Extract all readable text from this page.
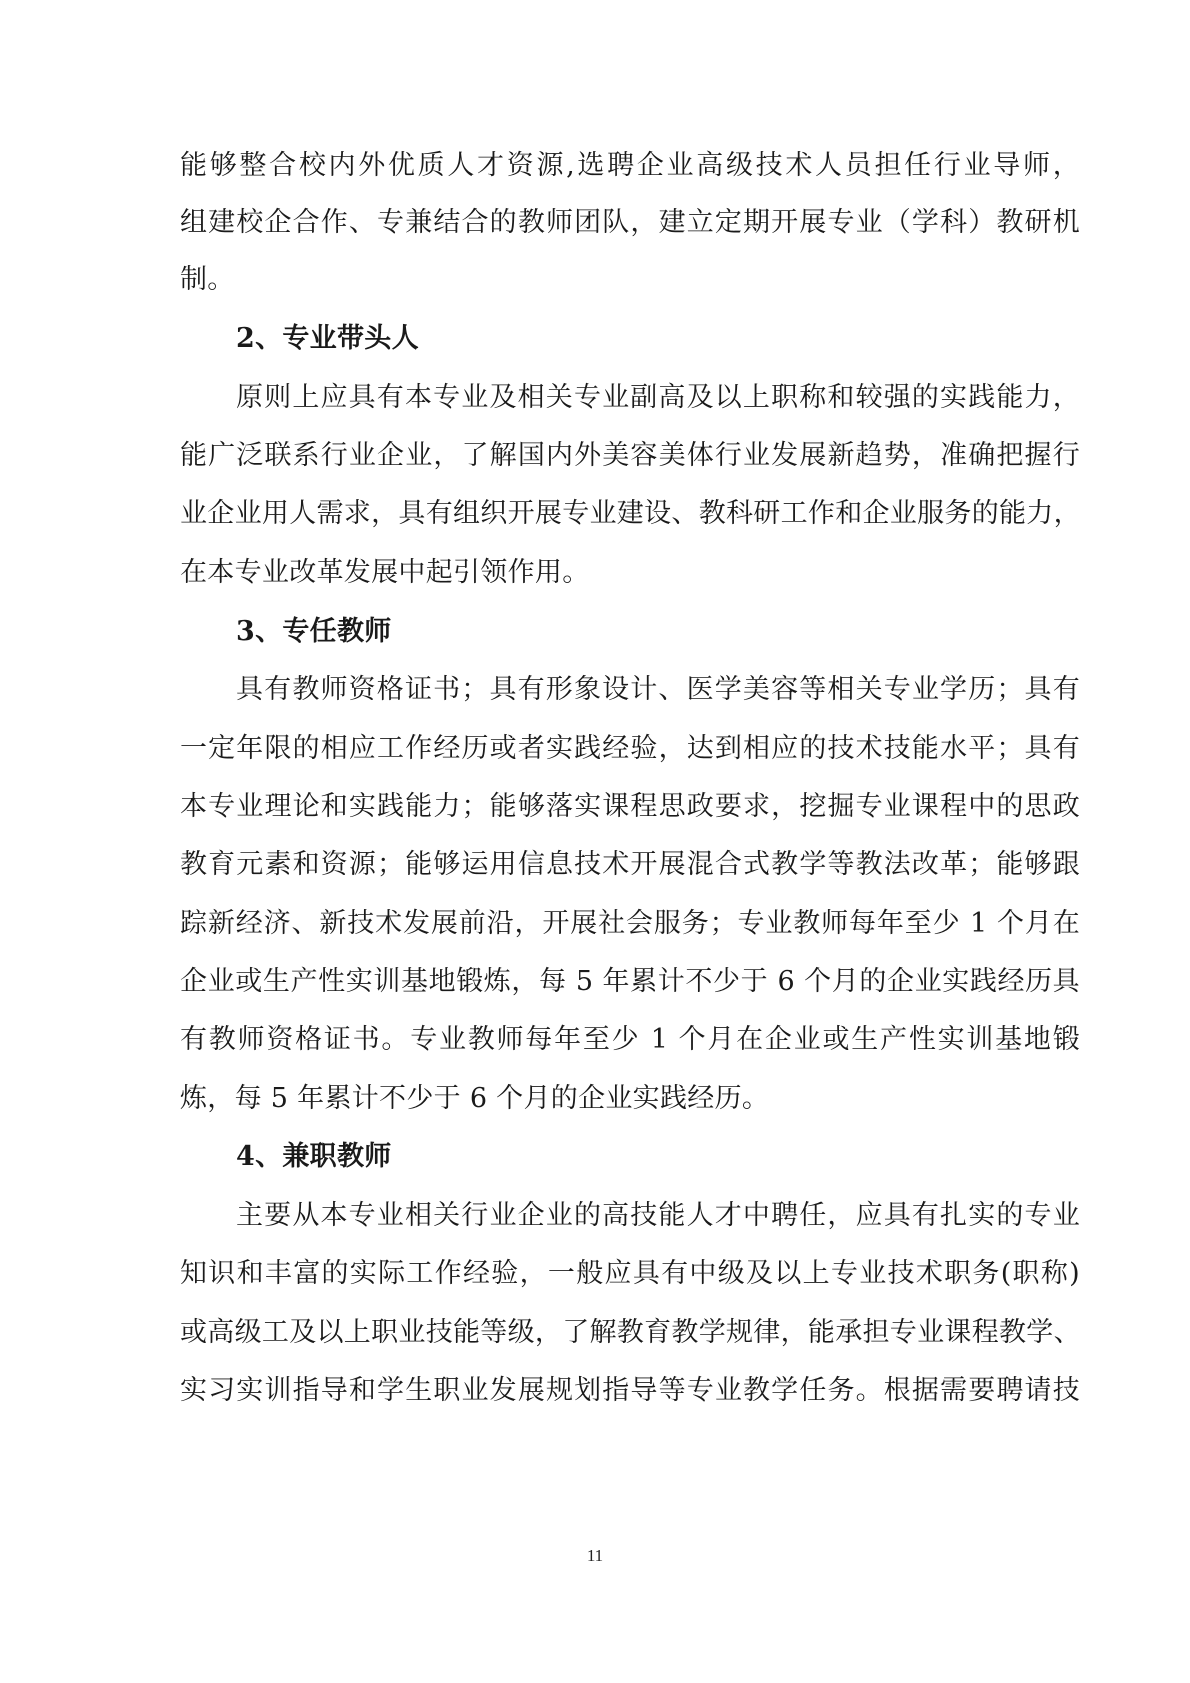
能够整合校内外优质人才资源,选聘企业高级技术人员担任行业导师，
组建校企合作、专兼结合的教师团队，建立定期开展专业（学科）教研机
制。
2、专业带头人
原则上应具有本专业及相关专业副高及以上职称和较强的实践能力，
能广泛联系行业企业，了解国内外美容美体行业发展新趋势，准确把握行
业企业用人需求，具有组织开展专业建设、教科研工作和企业服务的能力，
在本专业改革发展中起引领作用。
3、专任教师
具有教师资格证书；具有形象设计、医学美容等相关专业学历；具有
一定年限的相应工作经历或者实践经验，达到相应的技术技能水平；具有
本专业理论和实践能力；能够落实课程思政要求，挖掘专业课程中的思政
教育元素和资源；能够运用信息技术开展混合式教学等教法改革；能够跟
踪新经济、新技术发展前沿，开展社会服务；专业教师每年至少 1 个月在
企业或生产性实训基地锻炼，每 5 年累计不少于 6 个月的企业实践经历具
有教师资格证书。专业教师每年至少 1 个月在企业或生产性实训基地锻
炼，每 5 年累计不少于 6 个月的企业实践经历。
4、兼职教师
主要从本专业相关行业企业的高技能人才中聘任，应具有扎实的专业
知识和丰富的实际工作经验，一般应具有中级及以上专业技术职务(职称)
或高级工及以上职业技能等级，了解教育教学规律，能承担专业课程教学、
实习实训指导和学生职业发展规划指导等专业教学任务。根据需要聘请技
11
